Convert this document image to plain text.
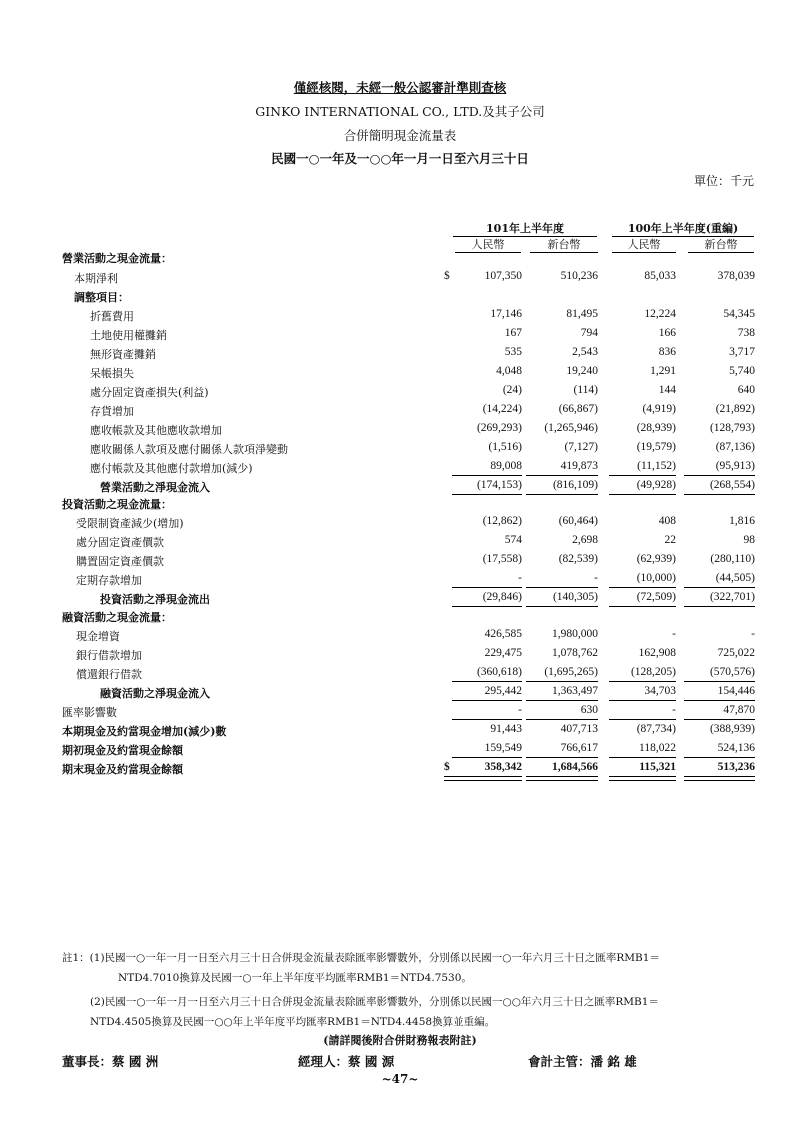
僅經核閱，未經一般公認審計準則查核
GINKO INTERNATIONAL CO., LTD.及其子公司
合併簡明現金流量表
民國一○一年及一○○年一月一日至六月三十日
單位：千元
101年上半年度	100年上半年度(重編)
人民幣	新台幣	人民幣	新台幣
營業活動之現金流量：
本期淨利	107,350	510,236	85,033	378,039
$
調整項目：
折舊費用	17,146	81,495	12,224	54,345
土地使用權攤銷	167	794	166	738
無形資產攤銷	535	2,543	836	3,717
呆帳損失	4,048	19,240	1,291	5,740
處分固定資產損失(利益)	(24)	(114)	144	640
存貨增加	(14,224)	(66,867)	(4,919)	(21,892)
應收帳款及其他應收款增加	(269,293)	(1,265,946)	(28,939)	(128,793)
應收關係人款項及應付關係人款項淨變動	(1,516)	(7,127)	(19,579)	(87,136)
應付帳款及其他應付款增加(減少)	89,008	419,873	(11,152)	(95,913)
營業活動之淨現金流入	(174,153)	(816,109)	(49,928)	(268,554)
投資活動之現金流量：
受限制資產減少(增加)	(12,862)	(60,464)	408	1,816
處分固定資產價款	574	2,698	22	98
購置固定資產價款	(17,558)	(82,539)	(62,939)	(280,110)
定期存款增加	-	-	(10,000)	(44,505)
投資活動之淨現金流出	(29,846)	(140,305)	(72,509)	(322,701)
融資活動之現金流量：
現金增資	426,585	1,980,000	-	-
銀行借款增加	229,475	1,078,762	162,908	725,022
償還銀行借款	(360,618)	(1,695,265)	(128,205)	(570,576)
融資活動之淨現金流入	295,442	1,363,497	34,703	154,446
匯率影響數	-	630	-	47,870
本期現金及約當現金增加(減少)數	91,443	407,713	(87,734)	(388,939)
期初現金及約當現金餘額	159,549	766,617	118,022	524,136
期末現金及約當現金餘額	358,342	1,684,566	115,321	513,236
$
註1：(1)民國一○一年一月一日至六月三十日合併現金流量表除匯率影響數外，分別係以民國一○一年六月三十日之匯率RMB1＝
NTD4.7010換算及民國一○一年上半年度平均匯率RMB1＝NTD4.7530。
(2)民國一○一年一月一日至六月三十日合併現金流量表除匯率影響數外，分別係以民國一○○年六月三十日之匯率RMB1＝
NTD4.4505換算及民國一○○年上半年度平均匯率RMB1＝NTD4.4458換算並重編。
(請詳閱後附合併財務報表附註)
董事長：蔡 國 洲	經理人：蔡 國 源	會計主管：潘 銘 雄
~47~
